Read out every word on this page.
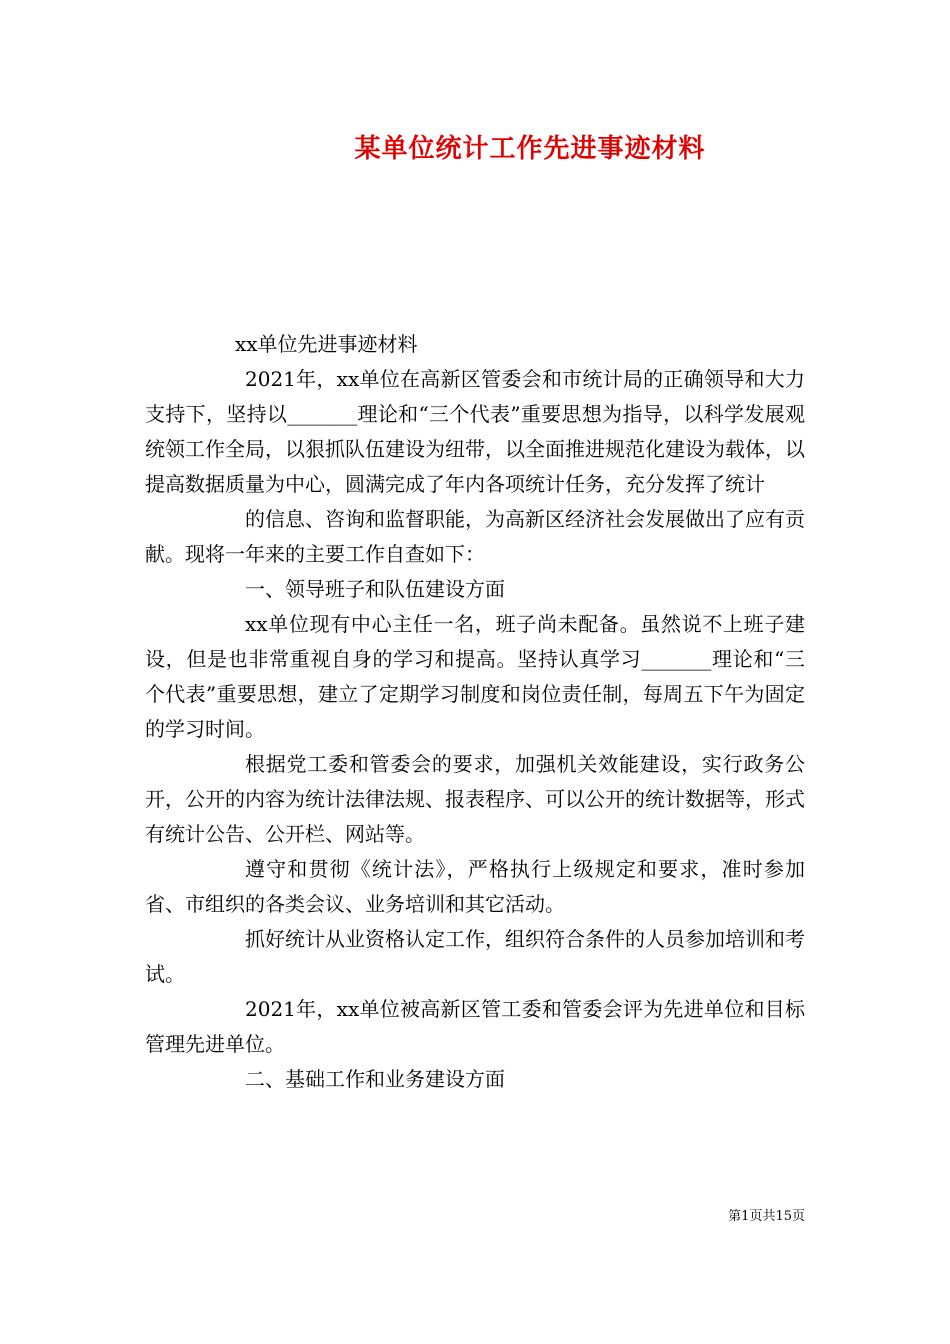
某单位统计工作先进事迹材料

xx单位先进事迹材料

2021年，xx单位在高新区管委会和市统计局的正确领导和大力支持下，坚持以_______理论和“三个代表”重要思想为指导，以科学发展观统领工作全局，以狠抓队伍建设为纽带，以全面推进规范化建设为载体，以提高数据质量为中心，圆满完成了年内各项统计任务，充分发挥了统计

的信息、咨询和监督职能，为高新区经济社会发展做出了应有贡献。现将一年来的主要工作自查如下：

一、领导班子和队伍建设方面

xx单位现有中心主任一名，班子尚未配备。虽然说不上班子建设，但是也非常重视自身的学习和提高。坚持认真学习_______理论和“三个代表”重要思想，建立了定期学习制度和岗位责任制，每周五下午为固定的学习时间。

根据党工委和管委会的要求，加强机关效能建设，实行政务公开，公开的内容为统计法律法规、报表程序、可以公开的统计数据等，形式有统计公告、公开栏、网站等。

遵守和贯彻《统计法》，严格执行上级规定和要求，准时参加省、市组织的各类会议、业务培训和其它活动。

抓好统计从业资格认定工作，组织符合条件的人员参加培训和考试。

2021年，xx单位被高新区管工委和管委会评为先进单位和目标管理先进单位。

二、基础工作和业务建设方面

第1页共15页
